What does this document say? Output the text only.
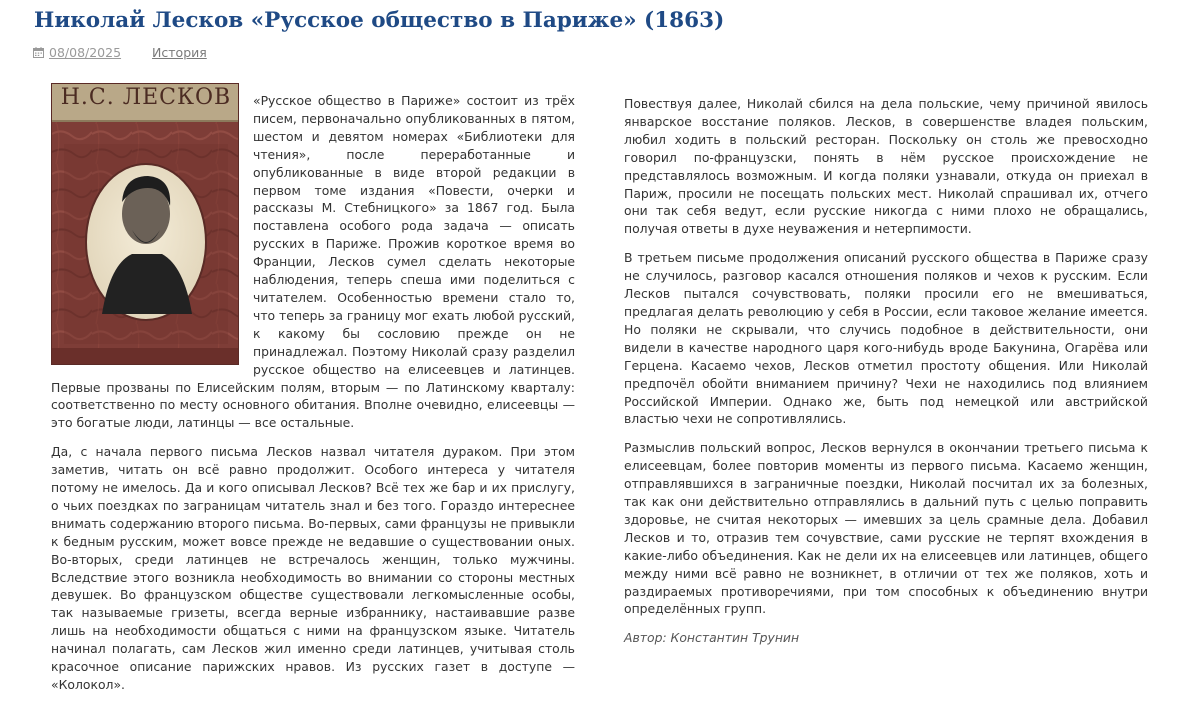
Николай Лесков «Русское общество в Париже» (1863)
08/08/2025 История
Н.С. ЛЕСКОВ	«Русское общество в Париже» состоит из трёх писем, первоначально опубликованных в пятом, шестом и девятом номерах «Библиотеки для чтения», после переработанные и опубликованные в виде второй редакции в первом томе издания «Повести, очерки и рассказы М. Стебницкого» за 1867 год. Была поставлена особого рода задача — описать русских в Париже. Прожив короткое время во Франции, Лесков сумел сделать некоторые наблюдения, теперь спеша ими поделиться с читателем. Особенностью времени стало то, что теперь за границу мог ехать любой русский, к какому бы сословию прежде он не принадлежал. Поэтому Николай сразу разделил русское общество на елисеевцев и латинцев. Первые прозваны по Елисейским полям, вторым — по Латинскому кварталу: соответственно по месту основного обитания. Вполне очевидно, елисеевцы — это богатые люди, латинцы — все остальные.

Да, с начала первого письма Лесков назвал читателя дураком. При этом заметив, читать он всё равно продолжит. Особого интереса у читателя потому не имелось. Да и кого описывал Лесков? Всё тех же бар и их прислугу, о чьих поездках по заграницам читатель знал и без того. Гораздо интереснее внимать содержанию второго письма. Во-первых, сами французы не привыкли к бедным русским, может вовсе прежде не ведавшие о существовании оных. Во-вторых, среди латинцев не встречалось женщин, только мужчины. Вследствие этого возникла необходимость во внимании со стороны местных девушек. Во французском обществе существовали легкомысленные особы, так называемые гризеты, всегда верные избраннику, настаивавшие разве лишь на необходимости общаться с ними на французском языке. Читатель начинал полагать, сам Лесков жил именно среди латинцев, учитывая столь красочное описание парижских нравов. Из русских газет в доступе — «Колокол».

Повествуя далее, Николай сбился на дела польские, чему причиной явилось январское восстание поляков. Лесков, в совершенстве владея польским, любил ходить в польский ресторан. Поскольку он столь же превосходно говорил по-французски, понять в нём русское происхождение не представлялось возможным. И когда поляки узнавали, откуда он приехал в Париж, просили не посещать польских мест. Николай спрашивал их, отчего они так себя ведут, если русские никогда с ними плохо не обращались, получая ответы в духе неуважения и нетерпимости.

В третьем письме продолжения описаний русского общества в Париже сразу не случилось, разговор касался отношения поляков и чехов к русским. Если Лесков пытался сочувствовать, поляки просили его не вмешиваться, предлагая делать революцию у себя в России, если таковое желание имеется. Но поляки не скрывали, что случись подобное в действительности, они видели в качестве народного царя кого-нибудь вроде Бакунина, Огарёва или Герцена. Касаемо чехов, Лесков отметил простоту общения. Или Николай предпочёл обойти вниманием причину? Чехи не находились под влиянием Российской Империи. Однако же, быть под немецкой или австрийской властью чехи не сопротивлялись.

Размыслив польский вопрос, Лесков вернулся в окончании третьего письма к елисеевцам, более повторив моменты из первого письма. Касаемо женщин, отправлявшихся в заграничные поездки, Николай посчитал их за болезных, так как они действительно отправлялись в дальний путь с целью поправить здоровье, не считая некоторых — имевших за цель срамные дела. Добавил Лесков и то, отразив тем сочувствие, сами русские не терпят вхождения в какие-либо объединения. Как не дели их на елисеевцев или латинцев, общего между ними всё равно не возникнет, в отличии от тех же поляков, хоть и раздираемых противоречиями, при том способных к объединению внутри определённых групп.

Автор: Константин Трунин
